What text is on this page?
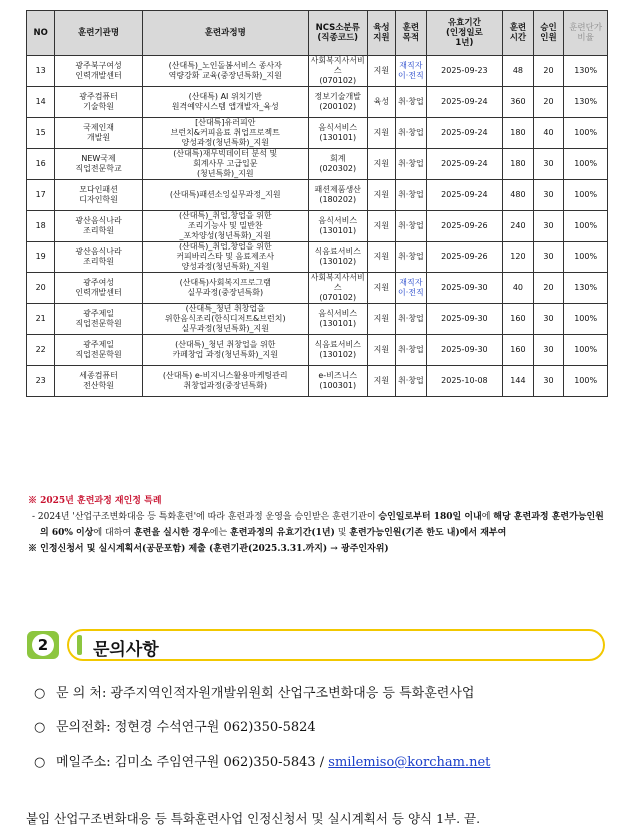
NO	훈련기관명	훈련과정명	NCS소분류
(직종코드)	육성
지원	훈련
목적	유효기간
(인정일로
1년)	훈련
시간	승인
인원	훈련단가
비율
13	광주북구여성
인력개발센터	(산대특)_노인돌봄서비스 종사자
역량강화 교육(중장년특화)_지원	사회복지사서비스
(070102)	지원	재직자
이·전직	2025-09-23	48	20	130%
14	광주컴퓨터
기술학원	(산대특) AI 위치기반
원격예약시스템 앱개발자_육성	정보기술개발
(200102)	육성	취·창업	2025-09-24	360	20	130%
15	국제인재
개발원	[산대특]유러피안
브런치&커피음료 취업프로젝트
양성과정(청년특화)_지원	음식서비스
(130101)	지원	취·창업	2025-09-24	180	40	100%
16	NEW국제
직업전문학교	(산대특)재무빅데이터 분석 및
회계사무 고급입문
(청년특화)_지원	회계
(020302)	지원	취·창업	2025-09-24	180	30	100%
17	모다인패션
디자인학원	(산대특)패션소잉실무과정_지원	패션제품생산
(180202)	지원	취·창업	2025-09-24	480	30	100%
18	광산음식나라
조리학원	(산대특)_취업,창업을 위한
조리기능사 및 밀반찬
_포차양성(청년특화)_지원	음식서비스
(130101)	지원	취·창업	2025-09-26	240	30	100%
19	광산음식나라
조리학원	(산대특)_취업,창업을 위한
커피바리스타 및 음료제조사
양성과정(청년특화)_지원	식음료서비스
(130102)	지원	취·창업	2025-09-26	120	30	100%
20	광주여성
인력개발센터	(산대특)사회복지프로그램
실무과정(중장년특화)	사회복지사서비스
(070102)	지원	재직자
이·전직	2025-09-30	40	20	130%
21	광주제일
직업전문학원	(산대특_청년 취창업을
위한음식조리(한식디저트&브런치)
실무과정(청년특화)_지원	음식서비스
(130101)	지원	취·창업	2025-09-30	160	30	100%
22	광주제일
직업전문학원	(산대특)_청년 취창업을 위한
카페창업 과정(청년특화)_지원	식음료서비스
(130102)	지원	취·창업	2025-09-30	160	30	100%
23	세종컴퓨터
전산학원	(산대특) e-비지니스활용마케팅관리
취창업과정(중장년특화)	e-비즈니스
(100301)	지원	취·창업	2025-10-08	144	30	100%
※ 2025년 훈련과정 재인정 특례
- 2024년 '산업구조변화대응 등 특화훈련'에 따라 훈련과정 운영을 승인받은 훈련기관이 승인일로부터 180일 이내에 해당 훈련과정 훈련가능인원의 60% 이상에 대하여 훈련을 실시한 경우에는 훈련과정의 유효기간(1년) 및 훈련가능인원(기존 한도 내)에서 재부여
※ 인정신청서 및 실시계획서(공문포함) 제출 (훈련기관(2025.3.31.까지) → 광주인자위)
2	문의사항
○ 문 의 처: 광주지역인적자원개발위원회 산업구조변화대응 등 특화훈련사업
○ 문의전화: 정현경 수석연구원 062)350-5824
○ 메일주소: 김미소 주임연구원 062)350-5843 / smilemiso@korcham.net
붙임 산업구조변화대응 등 특화훈련사업 인정신청서 및 실시계획서 등 양식 1부. 끝.
